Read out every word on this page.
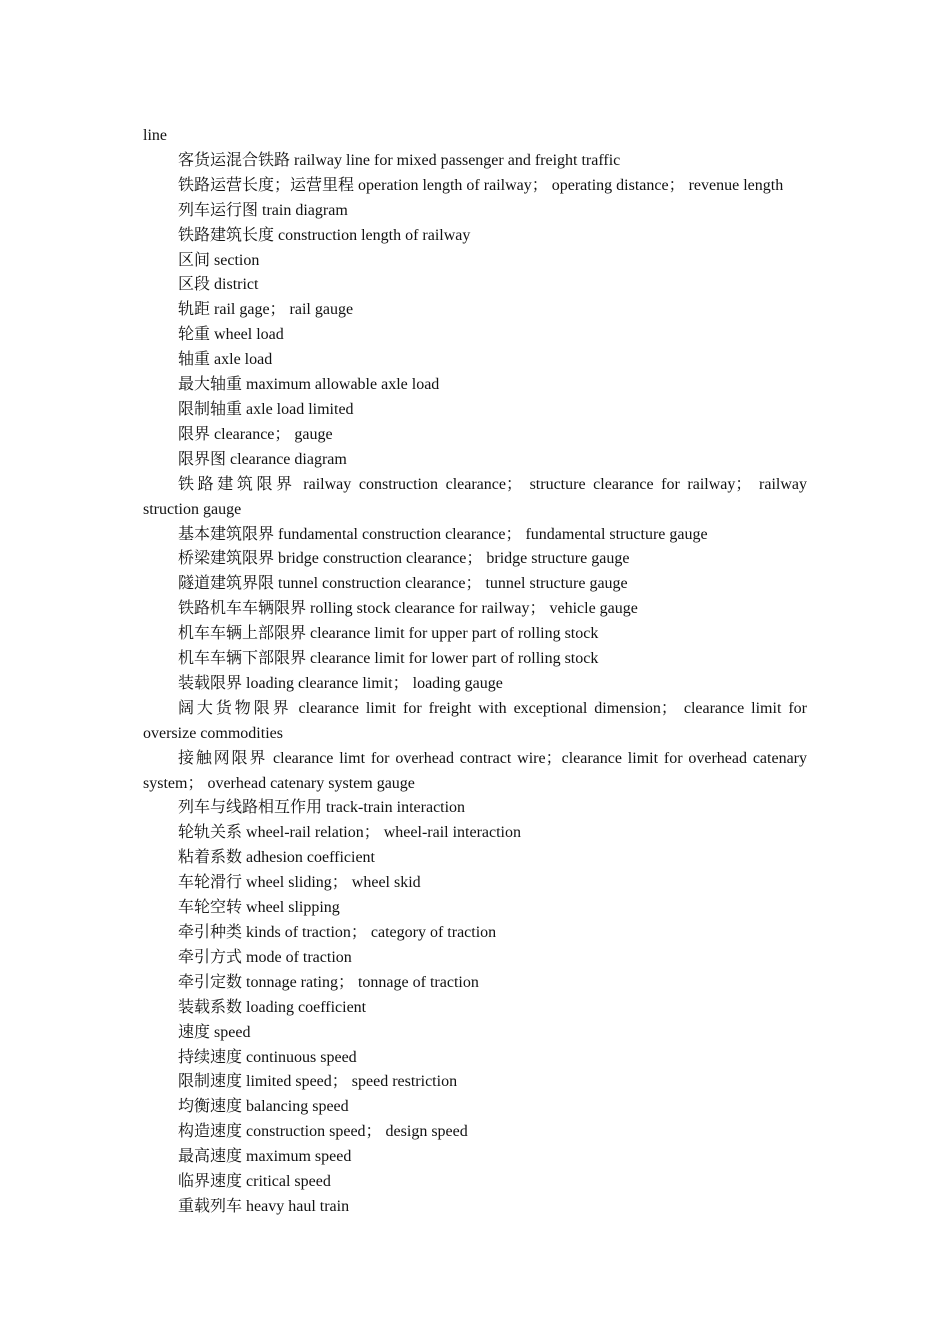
line

客货运混合铁路 railway line for mixed passenger and freight traffic

铁路运营长度；运营里程 operation length of railway； operating distance； revenue length

列车运行图 train diagram

铁路建筑长度 construction length of railway

区间 section

区段 district

轨距 rail gage； rail gauge

轮重 wheel load

轴重 axle load

最大轴重 maximum allowable axle load

限制轴重 axle load limited

限界 clearance； gauge

限界图 clearance diagram

铁路建筑限界 railway construction clearance； structure clearance for railway； railway struction gauge

基本建筑限界 fundamental construction clearance； fundamental structure gauge

桥梁建筑限界 bridge construction clearance； bridge structure gauge

隧道建筑界限 tunnel construction clearance； tunnel structure gauge

铁路机车车辆限界 rolling stock clearance for railway； vehicle gauge

机车车辆上部限界 clearance limit for upper part of rolling stock

机车车辆下部限界 clearance limit for lower part of rolling stock

装载限界 loading clearance limit； loading gauge

阔大货物限界 clearance limit for freight with exceptional dimension； clearance limit for oversize commodities

接触网限界 clearance limt for overhead contract wire；clearance limit for overhead catenary system； overhead catenary system gauge

列车与线路相互作用 track-train interaction

轮轨关系 wheel-rail relation； wheel-rail interaction

粘着系数 adhesion coefficient

车轮滑行 wheel sliding； wheel skid

车轮空转 wheel slipping

牵引种类 kinds of traction； category of traction

牵引方式 mode of traction

牵引定数 tonnage rating； tonnage of traction

装载系数 loading coefficient

速度 speed

持续速度 continuous speed

限制速度 limited speed； speed restriction

均衡速度 balancing speed

构造速度 construction speed； design speed

最高速度 maximum speed

临界速度 critical speed

重载列车 heavy haul train
